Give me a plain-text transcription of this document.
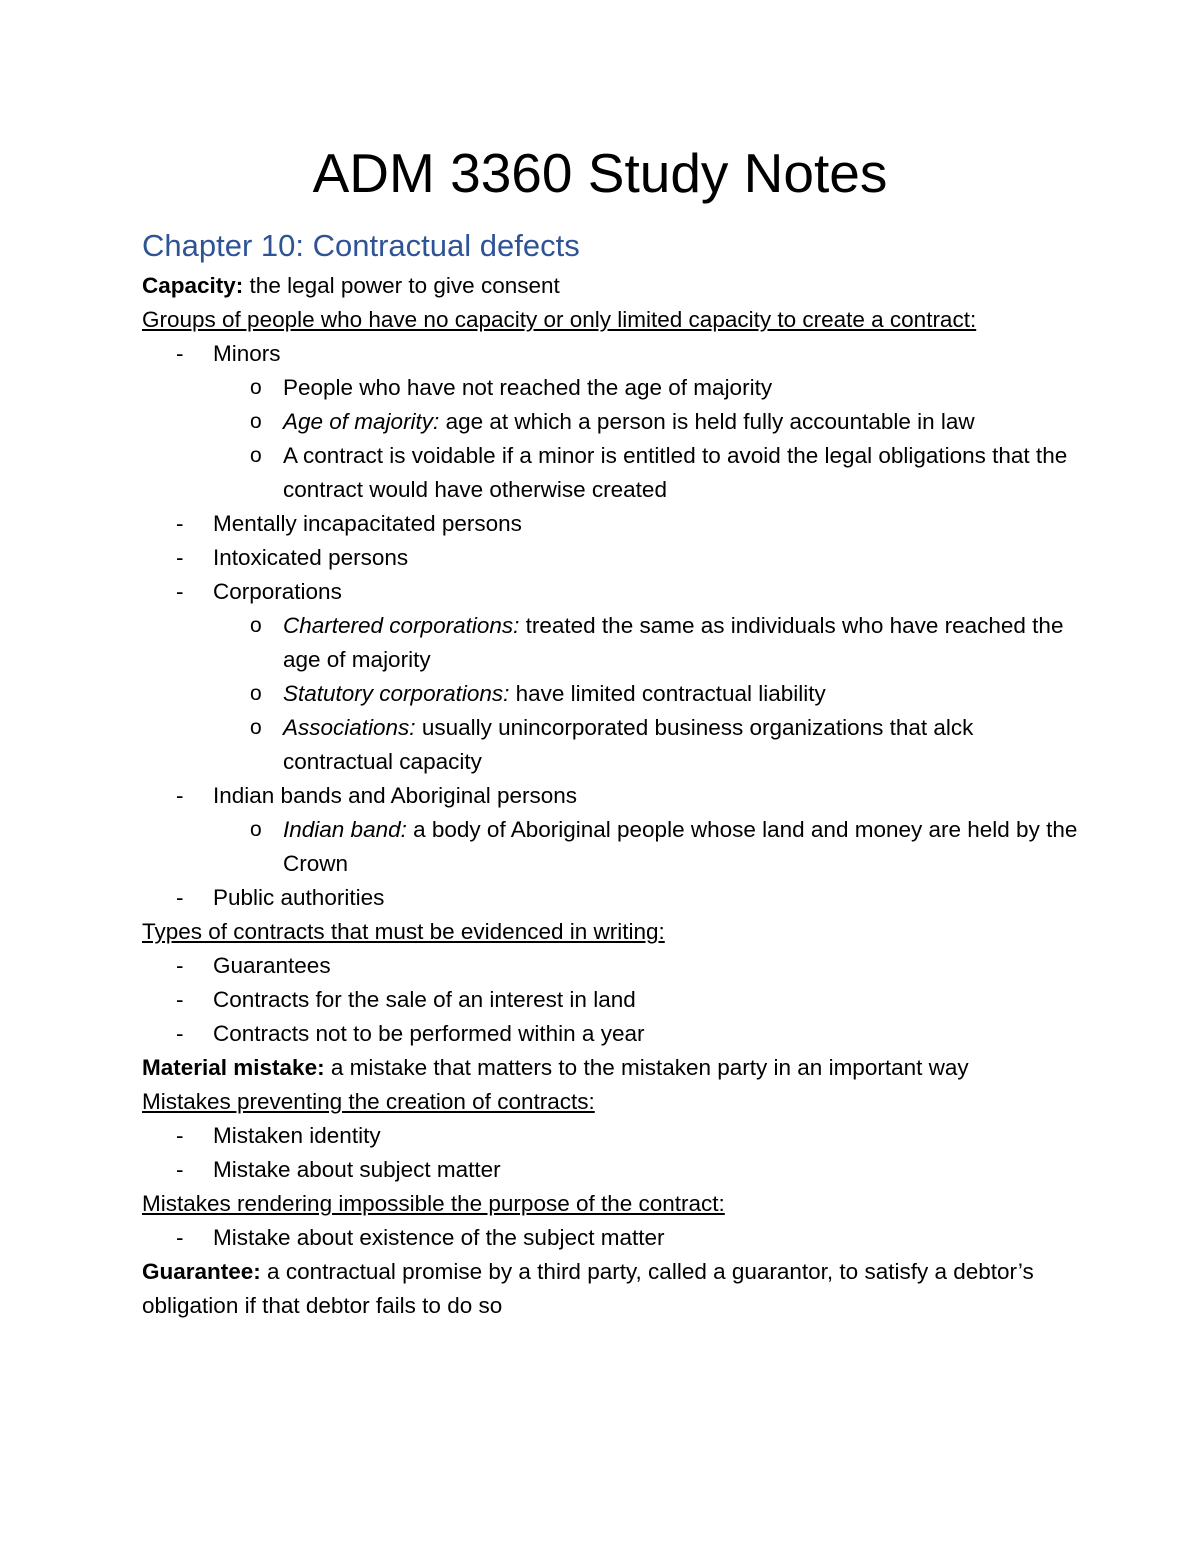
ADM 3360 Study Notes
Chapter 10: Contractual defects

Capacity: the legal power to give consent

Groups of people who have no capacity or only limited capacity to create a contract:

- Minors
o People who have not reached the age of majority
o Age of majority: age at which a person is held fully accountable in law
o A contract is voidable if a minor is entitled to avoid the legal obligations that the contract would have otherwise created
- Mentally incapacitated persons
- Intoxicated persons
- Corporations
o Chartered corporations: treated the same as individuals who have reached the age of majority
o Statutory corporations: have limited contractual liability
o Associations: usually unincorporated business organizations that alck contractual capacity
- Indian bands and Aboriginal persons
o Indian band: a body of Aboriginal people whose land and money are held by the Crown
- Public authorities

Types of contracts that must be evidenced in writing:

- Guarantees
- Contracts for the sale of an interest in land
- Contracts not to be performed within a year

Material mistake: a mistake that matters to the mistaken party in an important way

Mistakes preventing the creation of contracts:

- Mistaken identity
- Mistake about subject matter

Mistakes rendering impossible the purpose of the contract:

- Mistake about existence of the subject matter

Guarantee: a contractual promise by a third party, called a guarantor, to satisfy a debtor’s obligation if that debtor fails to do so
